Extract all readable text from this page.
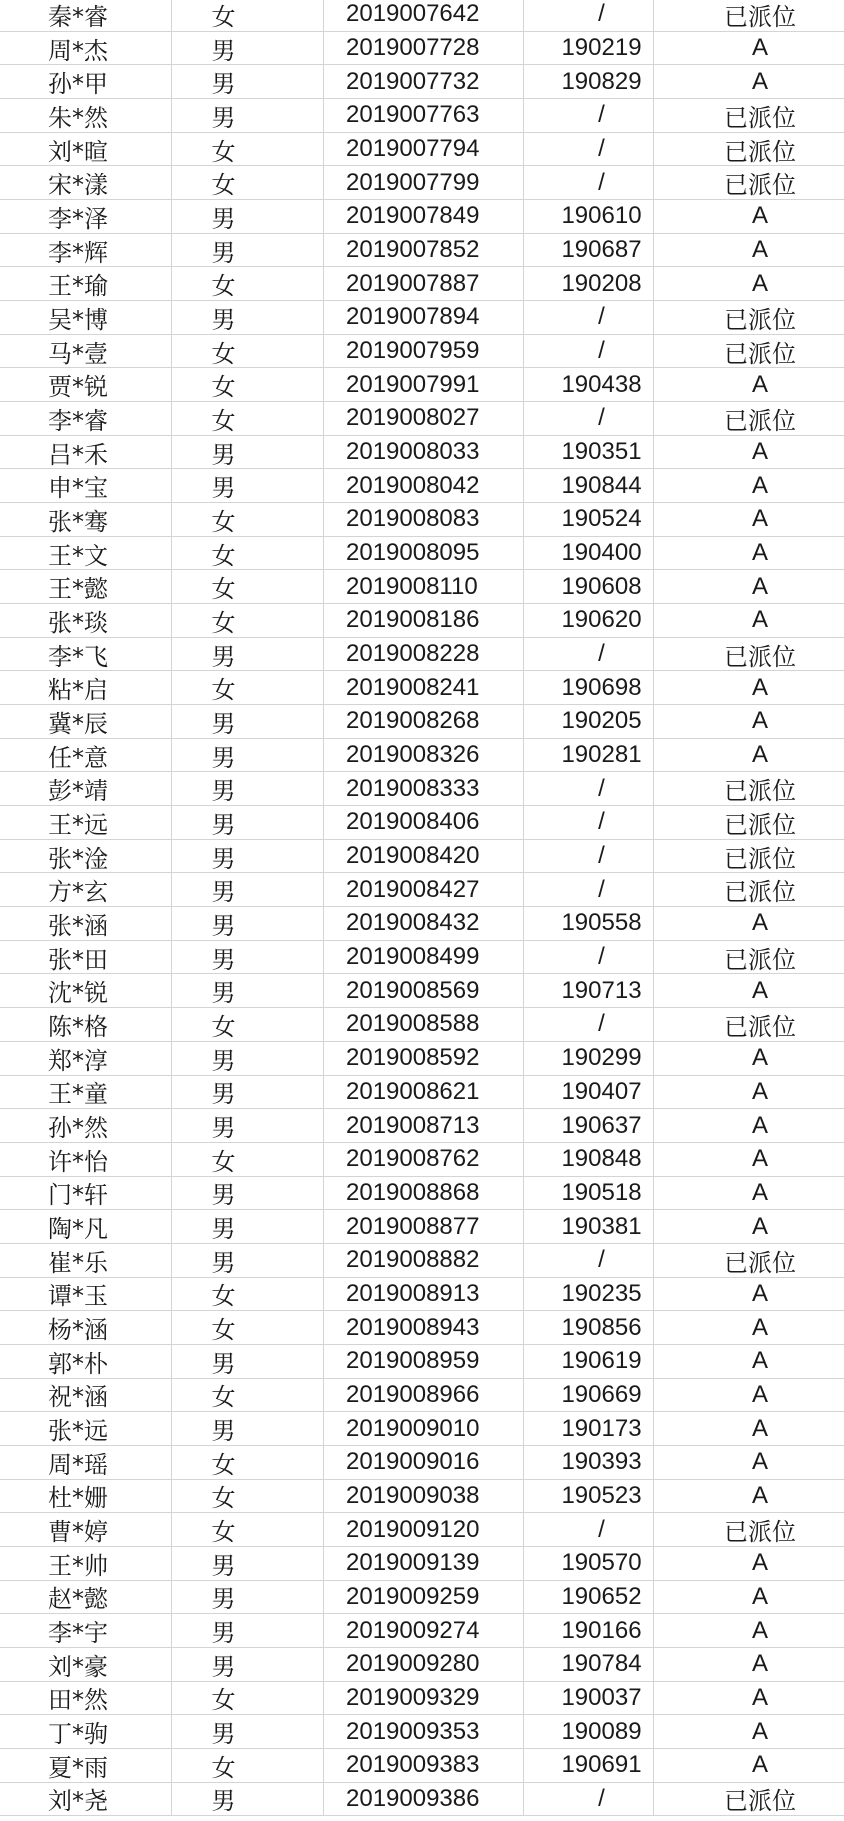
秦*睿	女	2019007642	/	已派位
周*杰	男	2019007728	190219	A
孙*甲	男	2019007732	190829	A
朱*然	男	2019007763	/	已派位
刘*暄	女	2019007794	/	已派位
宋*漾	女	2019007799	/	已派位
李*泽	男	2019007849	190610	A
李*辉	男	2019007852	190687	A
王*瑜	女	2019007887	190208	A
吴*博	男	2019007894	/	已派位
马*壹	女	2019007959	/	已派位
贾*锐	女	2019007991	190438	A
李*睿	女	2019008027	/	已派位
吕*禾	男	2019008033	190351	A
申*宝	男	2019008042	190844	A
张*骞	女	2019008083	190524	A
王*文	女	2019008095	190400	A
王*懿	女	2019008110	190608	A
张*琰	女	2019008186	190620	A
李*飞	男	2019008228	/	已派位
粘*启	女	2019008241	190698	A
冀*辰	男	2019008268	190205	A
任*意	男	2019008326	190281	A
彭*靖	男	2019008333	/	已派位
王*远	男	2019008406	/	已派位
张*淦	男	2019008420	/	已派位
方*玄	男	2019008427	/	已派位
张*涵	男	2019008432	190558	A
张*田	男	2019008499	/	已派位
沈*锐	男	2019008569	190713	A
陈*格	女	2019008588	/	已派位
郑*淳	男	2019008592	190299	A
王*童	男	2019008621	190407	A
孙*然	男	2019008713	190637	A
许*怡	女	2019008762	190848	A
门*轩	男	2019008868	190518	A
陶*凡	男	2019008877	190381	A
崔*乐	男	2019008882	/	已派位
谭*玉	女	2019008913	190235	A
杨*涵	女	2019008943	190856	A
郭*朴	男	2019008959	190619	A
祝*涵	女	2019008966	190669	A
张*远	男	2019009010	190173	A
周*瑶	女	2019009016	190393	A
杜*姗	女	2019009038	190523	A
曹*婷	女	2019009120	/	已派位
王*帅	男	2019009139	190570	A
赵*懿	男	2019009259	190652	A
李*宇	男	2019009274	190166	A
刘*豪	男	2019009280	190784	A
田*然	女	2019009329	190037	A
丁*驹	男	2019009353	190089	A
夏*雨	女	2019009383	190691	A
刘*尧	男	2019009386	/	已派位
